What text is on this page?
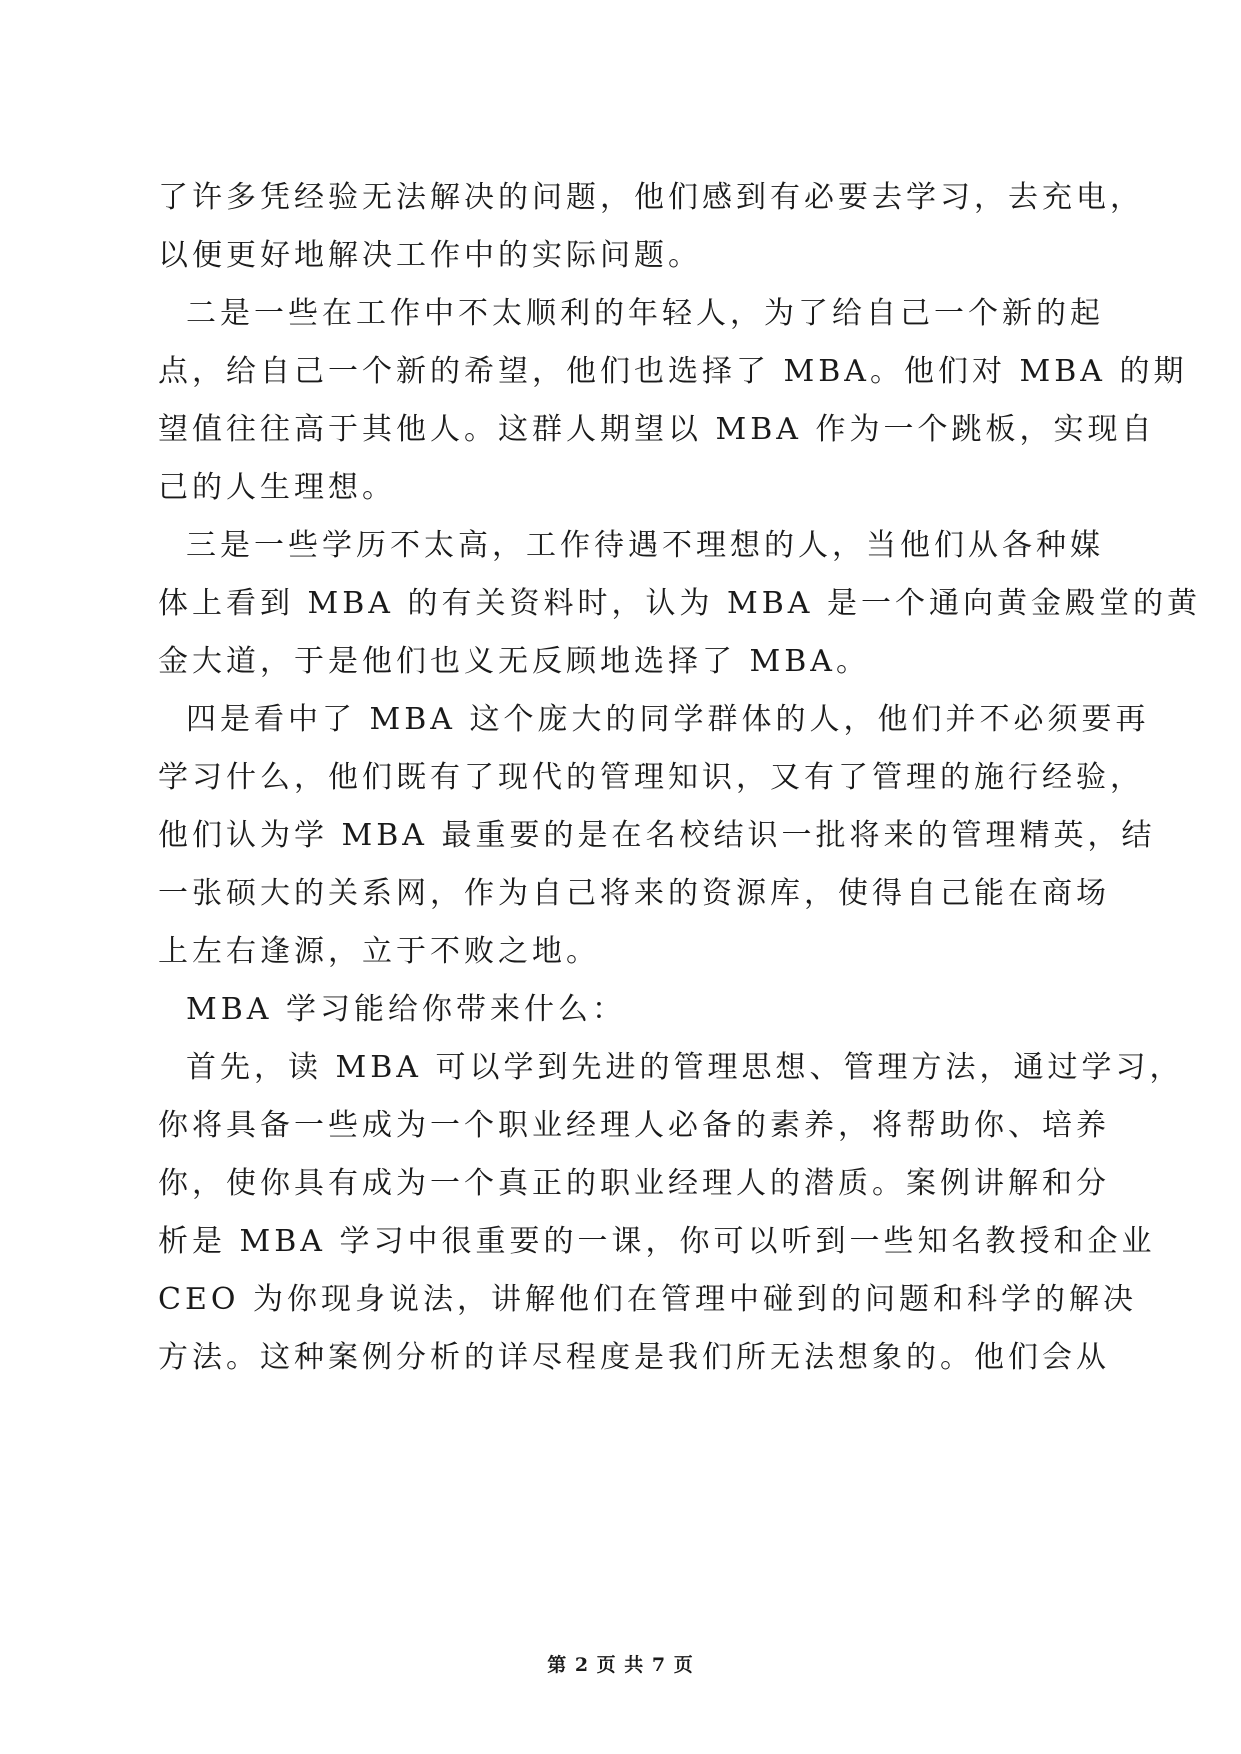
了许多凭经验无法解决的问题，他们感到有必要去学习，去充电，
以便更好地解决工作中的实际问题。
二是一些在工作中不太顺利的年轻人，为了给自己一个新的起
点，给自己一个新的希望，他们也选择了 MBA。他们对 MBA 的期
望值往往高于其他人。这群人期望以 MBA 作为一个跳板，实现自
己的人生理想。
三是一些学历不太高，工作待遇不理想的人，当他们从各种媒
体上看到 MBA 的有关资料时，认为 MBA 是一个通向黄金殿堂的黄
金大道，于是他们也义无反顾地选择了 MBA。
四是看中了 MBA 这个庞大的同学群体的人，他们并不必须要再
学习什么，他们既有了现代的管理知识，又有了管理的施行经验，
他们认为学 MBA 最重要的是在名校结识一批将来的管理精英，结
一张硕大的关系网，作为自己将来的资源库，使得自己能在商场
上左右逢源，立于不败之地。
MBA 学习能给你带来什么：
首先，读 MBA 可以学到先进的管理思想、管理方法，通过学习，
你将具备一些成为一个职业经理人必备的素养，将帮助你、培养
你，使你具有成为一个真正的职业经理人的潜质。案例讲解和分
析是 MBA 学习中很重要的一课，你可以听到一些知名教授和企业
CEO 为你现身说法，讲解他们在管理中碰到的问题和科学的解决
方法。这种案例分析的详尽程度是我们所无法想象的。他们会从
第 2 页 共 7 页
